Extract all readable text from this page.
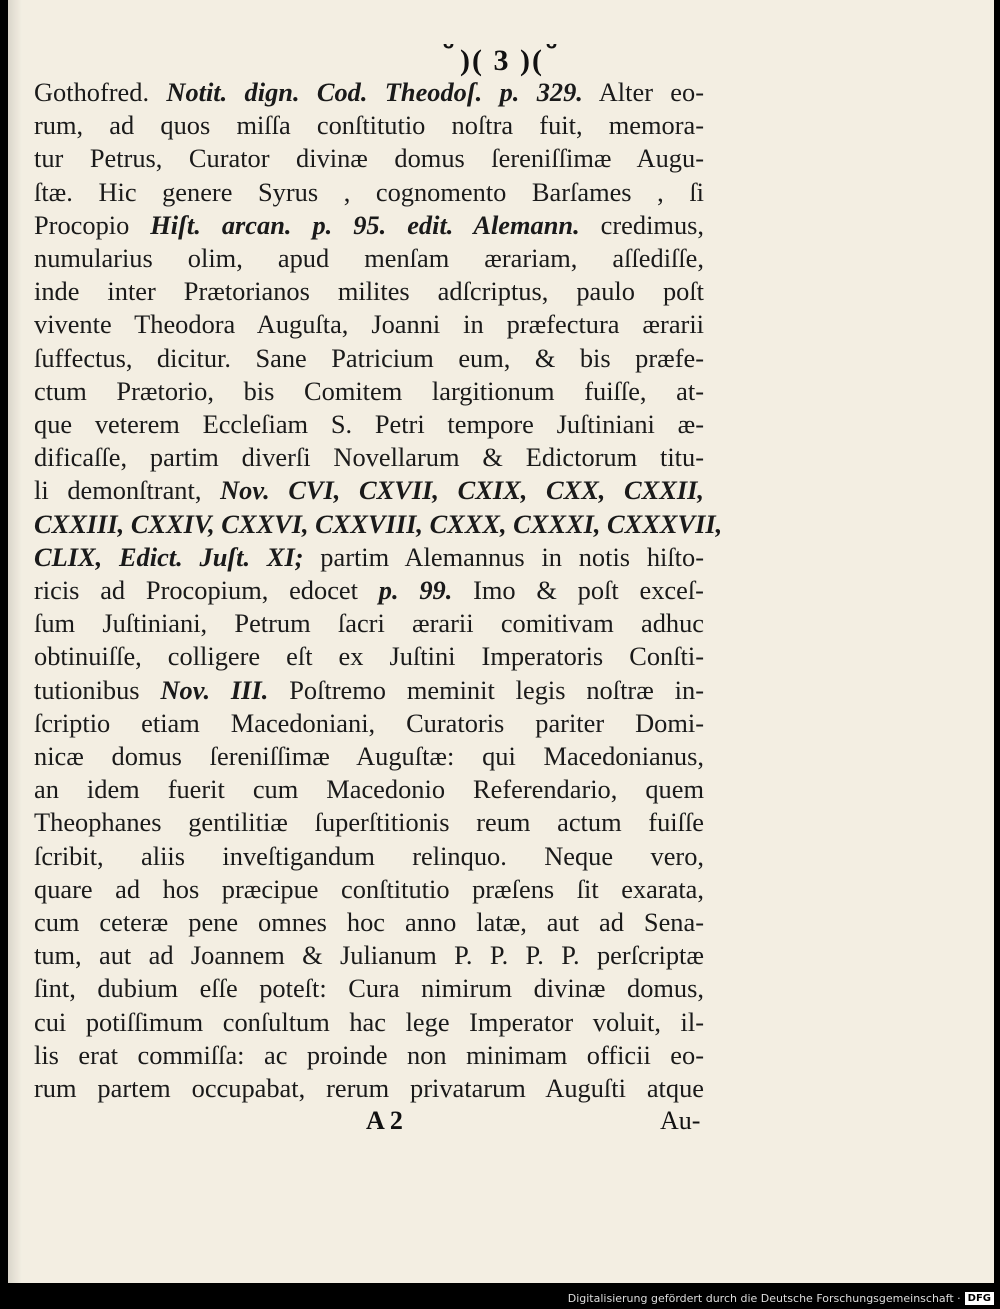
ﬞ )( 3 )( ﬞ
Gothofred. Notit. dign. Cod. Theodoſ. p. 329. Alter eo-
rum, ad quos miſſa conſtitutio noſtra fuit, memora-
tur Petrus, Curator divinæ domus ſereniſſimæ Augu-
ſtæ. Hic genere Syrus , cognomento Barſames , ſi
Procopio Hiſt. arcan. p. 95. edit. Alemann. credimus,
numularius olim, apud menſam ærariam, aſſediſſe,
inde inter Prætorianos milites adſcriptus, paulo poſt
vivente Theodora Auguſta, Joanni in præfectura ærarii
ſuffectus, dicitur. Sane Patricium eum, & bis præfe-
ctum Prætorio, bis Comitem largitionum fuiſſe, at-
que veterem Eccleſiam S. Petri tempore Juſtiniani æ-
dificaſſe, partim diverſi Novellarum & Edictorum titu-
li demonſtrant, Nov. CVI, CXVII, CXIX, CXX, CXXII,
CXXIII, CXXIV, CXXVI, CXXVIII, CXXX, CXXXI, CXXXVII,
CLIX, Edict. Juſt. XI; partim Alemannus in notis hiſto-
ricis ad Procopium, edocet p. 99. Imo & poſt exceſ-
ſum Juſtiniani, Petrum ſacri ærarii comitivam adhuc
obtinuiſſe, colligere eſt ex Juſtini Imperatoris Conſti-
tutionibus Nov. III. Poſtremo meminit legis noſtræ in-
ſcriptio etiam Macedoniani, Curatoris pariter Domi-
nicæ domus ſereniſſimæ Auguſtæ: qui Macedonianus,
an idem fuerit cum Macedonio Referendario, quem
Theophanes gentilitiæ ſuperſtitionis reum actum fuiſſe
ſcribit, aliis inveſtigandum relinquo. Neque vero,
quare ad hos præcipue conſtitutio præſens ſit exarata,
cum ceteræ pene omnes hoc anno latæ, aut ad Sena-
tum, aut ad Joannem & Julianum P. P. P. P. perſcriptæ
ſint, dubium eſſe poteſt: Cura nimirum divinæ domus,
cui potiſſimum conſultum hac lege Imperator voluit, il-
lis erat commiſſa: ac proinde non minimam officii eo-
rum partem occupabat, rerum privatarum Auguſti atque
A 2	Au-
Digitalisierung gefördert durch die Deutsche Forschungsgemeinschaft · DFG
